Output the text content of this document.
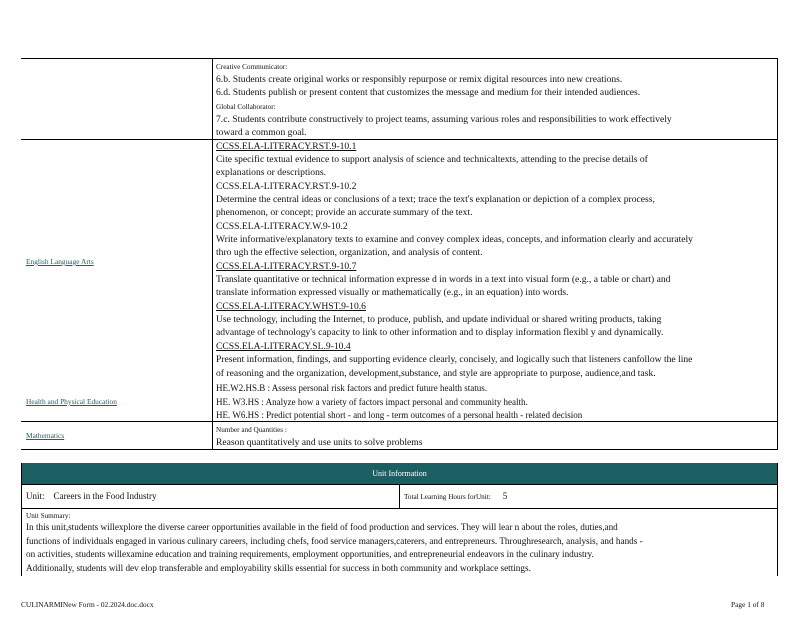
Creative Communicator:
6.b. Students create original works or responsibly repurpose or remix digital resources into new creations.
6.d. Students publish or present content that customizes the message and medium for their intended audiences.
Global Collaborator:
7.c. Students contribute constructively to project teams, assuming various roles and responsibilities to work effectively
toward a common goal.
English Language Arts
CCSS.ELA-LITERACY.RST.9-10.1
Cite specific textual evidence to support analysis of science and technicaltexts, attending to the precise details of
explanations or descriptions.
CCSS.ELA-LITERACY.RST.9-10.2
Determine the central ideas or conclusions of a text; trace the text's explanation or depiction of a complex process,
phenomenon, or concept; provide an accurate summary of the text.
CCSS.ELA-LITERACY.W.9-10.2
Write informative/explanatory texts to examine and convey complex ideas, concepts, and information clearly and accurately
thro ugh the effective selection, organization, and analysis of content.
CCSS.ELA-LITERACY.RST.9-10.7
Translate quantitative or technical information expresse d in words in a text into visual form (e.g., a table or chart) and
translate information expressed visually or mathematically (e.g., in an equation) into words.
CCSS.ELA-LITERACY.WHST.9-10.6
Use technology, including the Internet, to produce, publish, and update individual or shared writing products, taking
advantage of technology's capacity to link to other information and to display information flexibl y and dynamically.
CCSS.ELA-LITERACY.SL.9-10.4
Present information, findings, and supporting evidence clearly, concisely, and logically such that listeners canfollow the line
of reasoning and the organization, development,substance, and style are appropriate to purpose, audience,and task.
Health and Physical Education
HE.W2.HS.B : Assess personal risk factors and predict future health status.
HE. W3.HS : Analyze how a variety of factors impact personal and community health.
HE. W6.HS : Predict potential short - and long - term outcomes of a personal health - related decision
Mathematics
Number and Quantities :
Reason quantitatively and use units to solve problems
Unit Information
Unit: Careers in the Food Industry	Total Learning Hours forUnit: 5
Unit Summary:
In this unit,students willexplore the diverse career opportunities available in the field of food production and services. They will lear n about the roles, duties,and
functions of individuals engaged in various culinary careers, including chefs, food service managers,caterers, and entrepreneurs. Throughresearch, analysis, and hands -
on activities, students willexamine education and training requirements, employment opportunities, and entrepreneurial endeavors in the culinary industry.
Additionally, students will dev elop transferable and employability skills essential for success in both community and workplace settings.
CULINARMINew Form - 02.2024.doc.docx	Page 1 of 8
